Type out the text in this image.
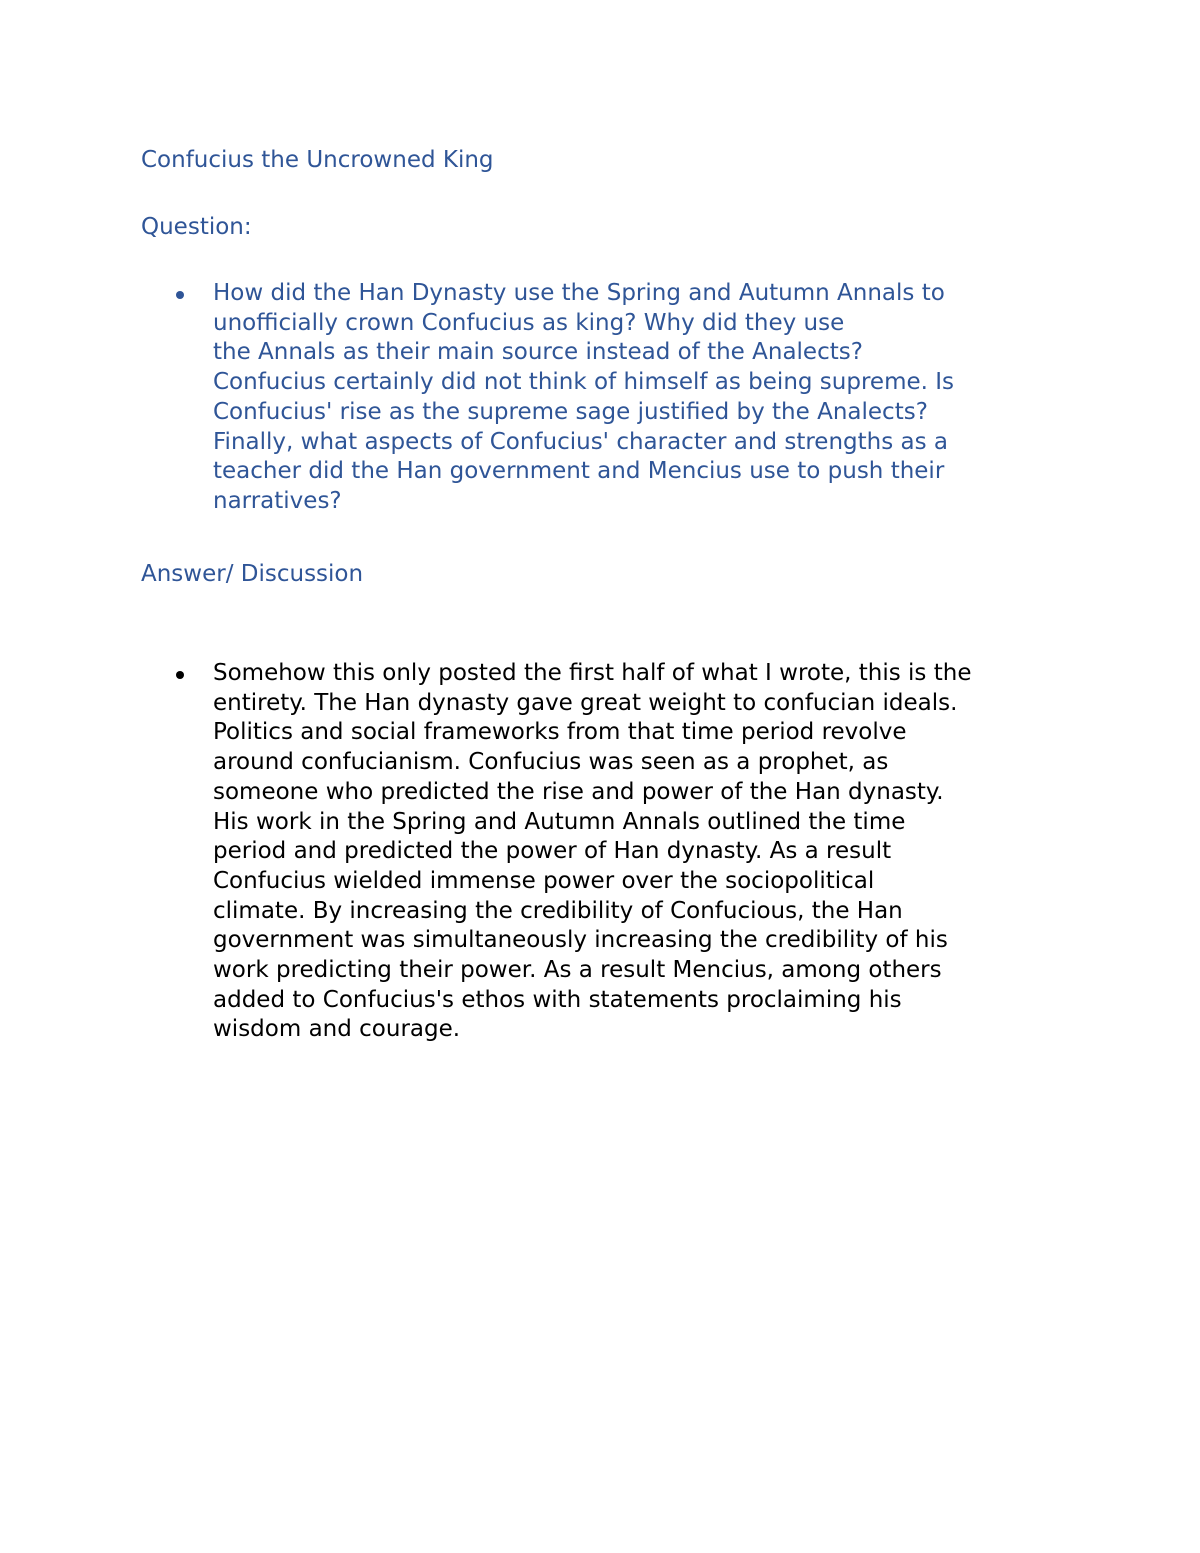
Confucius the Uncrowned King
Question:

How did the Han Dynasty use the Spring and Autumn Annals to
unofficially crown Confucius as king? Why did they use
the Annals as their main source instead of the Analects?
Confucius certainly did not think of himself as being supreme. Is
Confucius' rise as the supreme sage justified by the Analects?
Finally, what aspects of Confucius' character and strengths as a
teacher did the Han government and Mencius use to push their
narratives?

Answer/ Discussion

Somehow this only posted the first half of what I wrote, this is the
entirety. The Han dynasty gave great weight to confucian ideals.
Politics and social frameworks from that time period revolve
around confucianism. Confucius was seen as a prophet, as
someone who predicted the rise and power of the Han dynasty.
His work in the Spring and Autumn Annals outlined the time
period and predicted the power of Han dynasty. As a result
Confucius wielded immense power over the sociopolitical
climate. By increasing the credibility of Confucious, the Han
government was simultaneously increasing the credibility of his
work predicting their power. As a result Mencius, among others
added to Confucius's ethos with statements proclaiming his
wisdom and courage.
